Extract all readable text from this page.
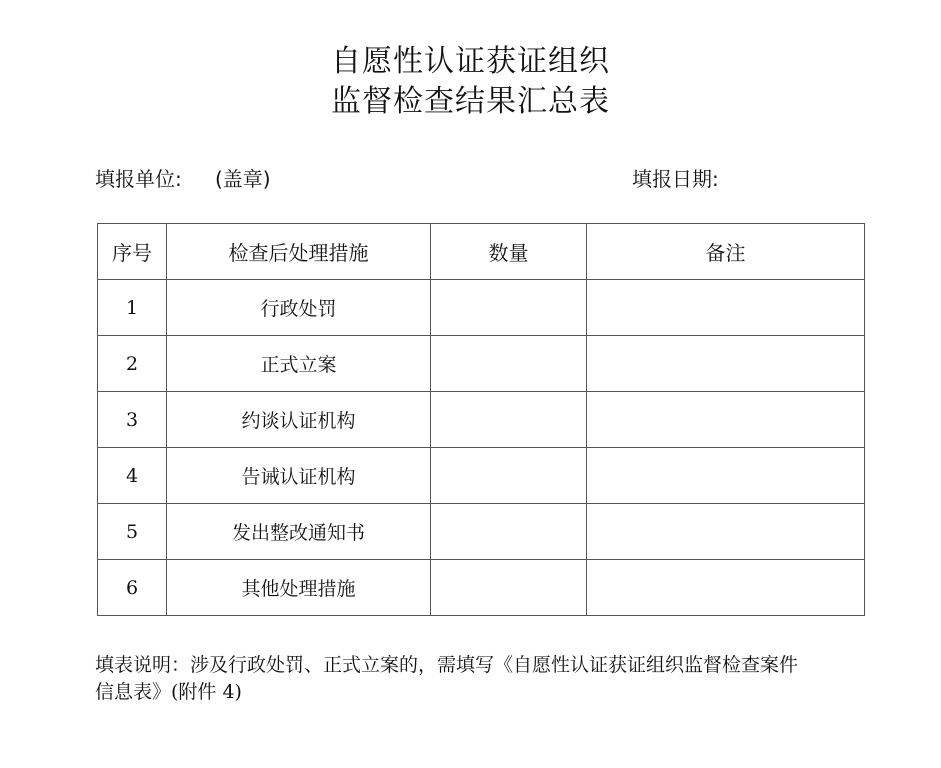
自愿性认证获证组织
监督检查结果汇总表
填报单位: (盖章)	填报日期:
序号	检查后处理措施	数量	备注
1	行政处罚		
2	正式立案		
3	约谈认证机构		
4	告诫认证机构		
5	发出整改通知书		
6	其他处理措施		
填表说明：涉及行政处罚、正式立案的，需填写《自愿性认证获证组织监督检查案件
信息表》(附件 4)
